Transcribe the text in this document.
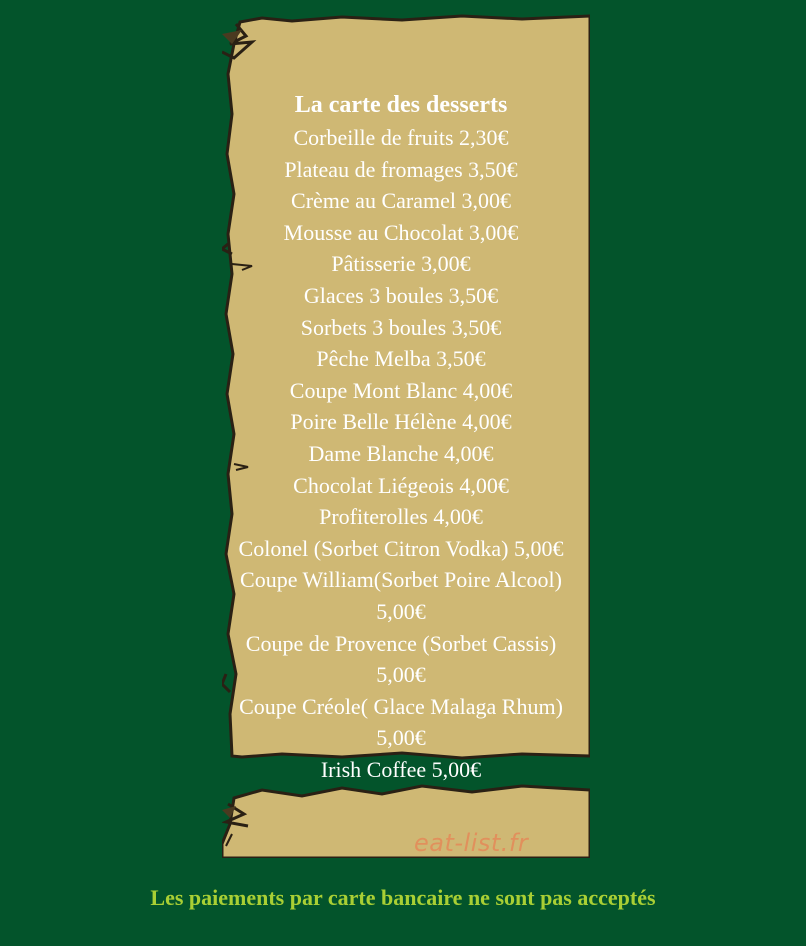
La carte des desserts
Corbeille de fruits 2,30€
Plateau de fromages 3,50€
Crème au Caramel 3,00€
Mousse au Chocolat 3,00€
Pâtisserie 3,00€
Glaces 3 boules 3,50€
Sorbets 3 boules 3,50€
Pêche Melba 3,50€
Coupe Mont Blanc 4,00€
Poire Belle Hélène 4,00€
Dame Blanche 4,00€
Chocolat Liégeois 4,00€
Profiterolles 4,00€
Colonel (Sorbet Citron Vodka) 5,00€
Coupe William(Sorbet Poire Alcool) 5,00€
Coupe de Provence (Sorbet Cassis) 5,00€
Coupe Créole( Glace Malaga Rhum) 5,00€
Irish Coffee 5,00€
eat-list.fr
Les paiements par carte bancaire ne sont pas acceptés
